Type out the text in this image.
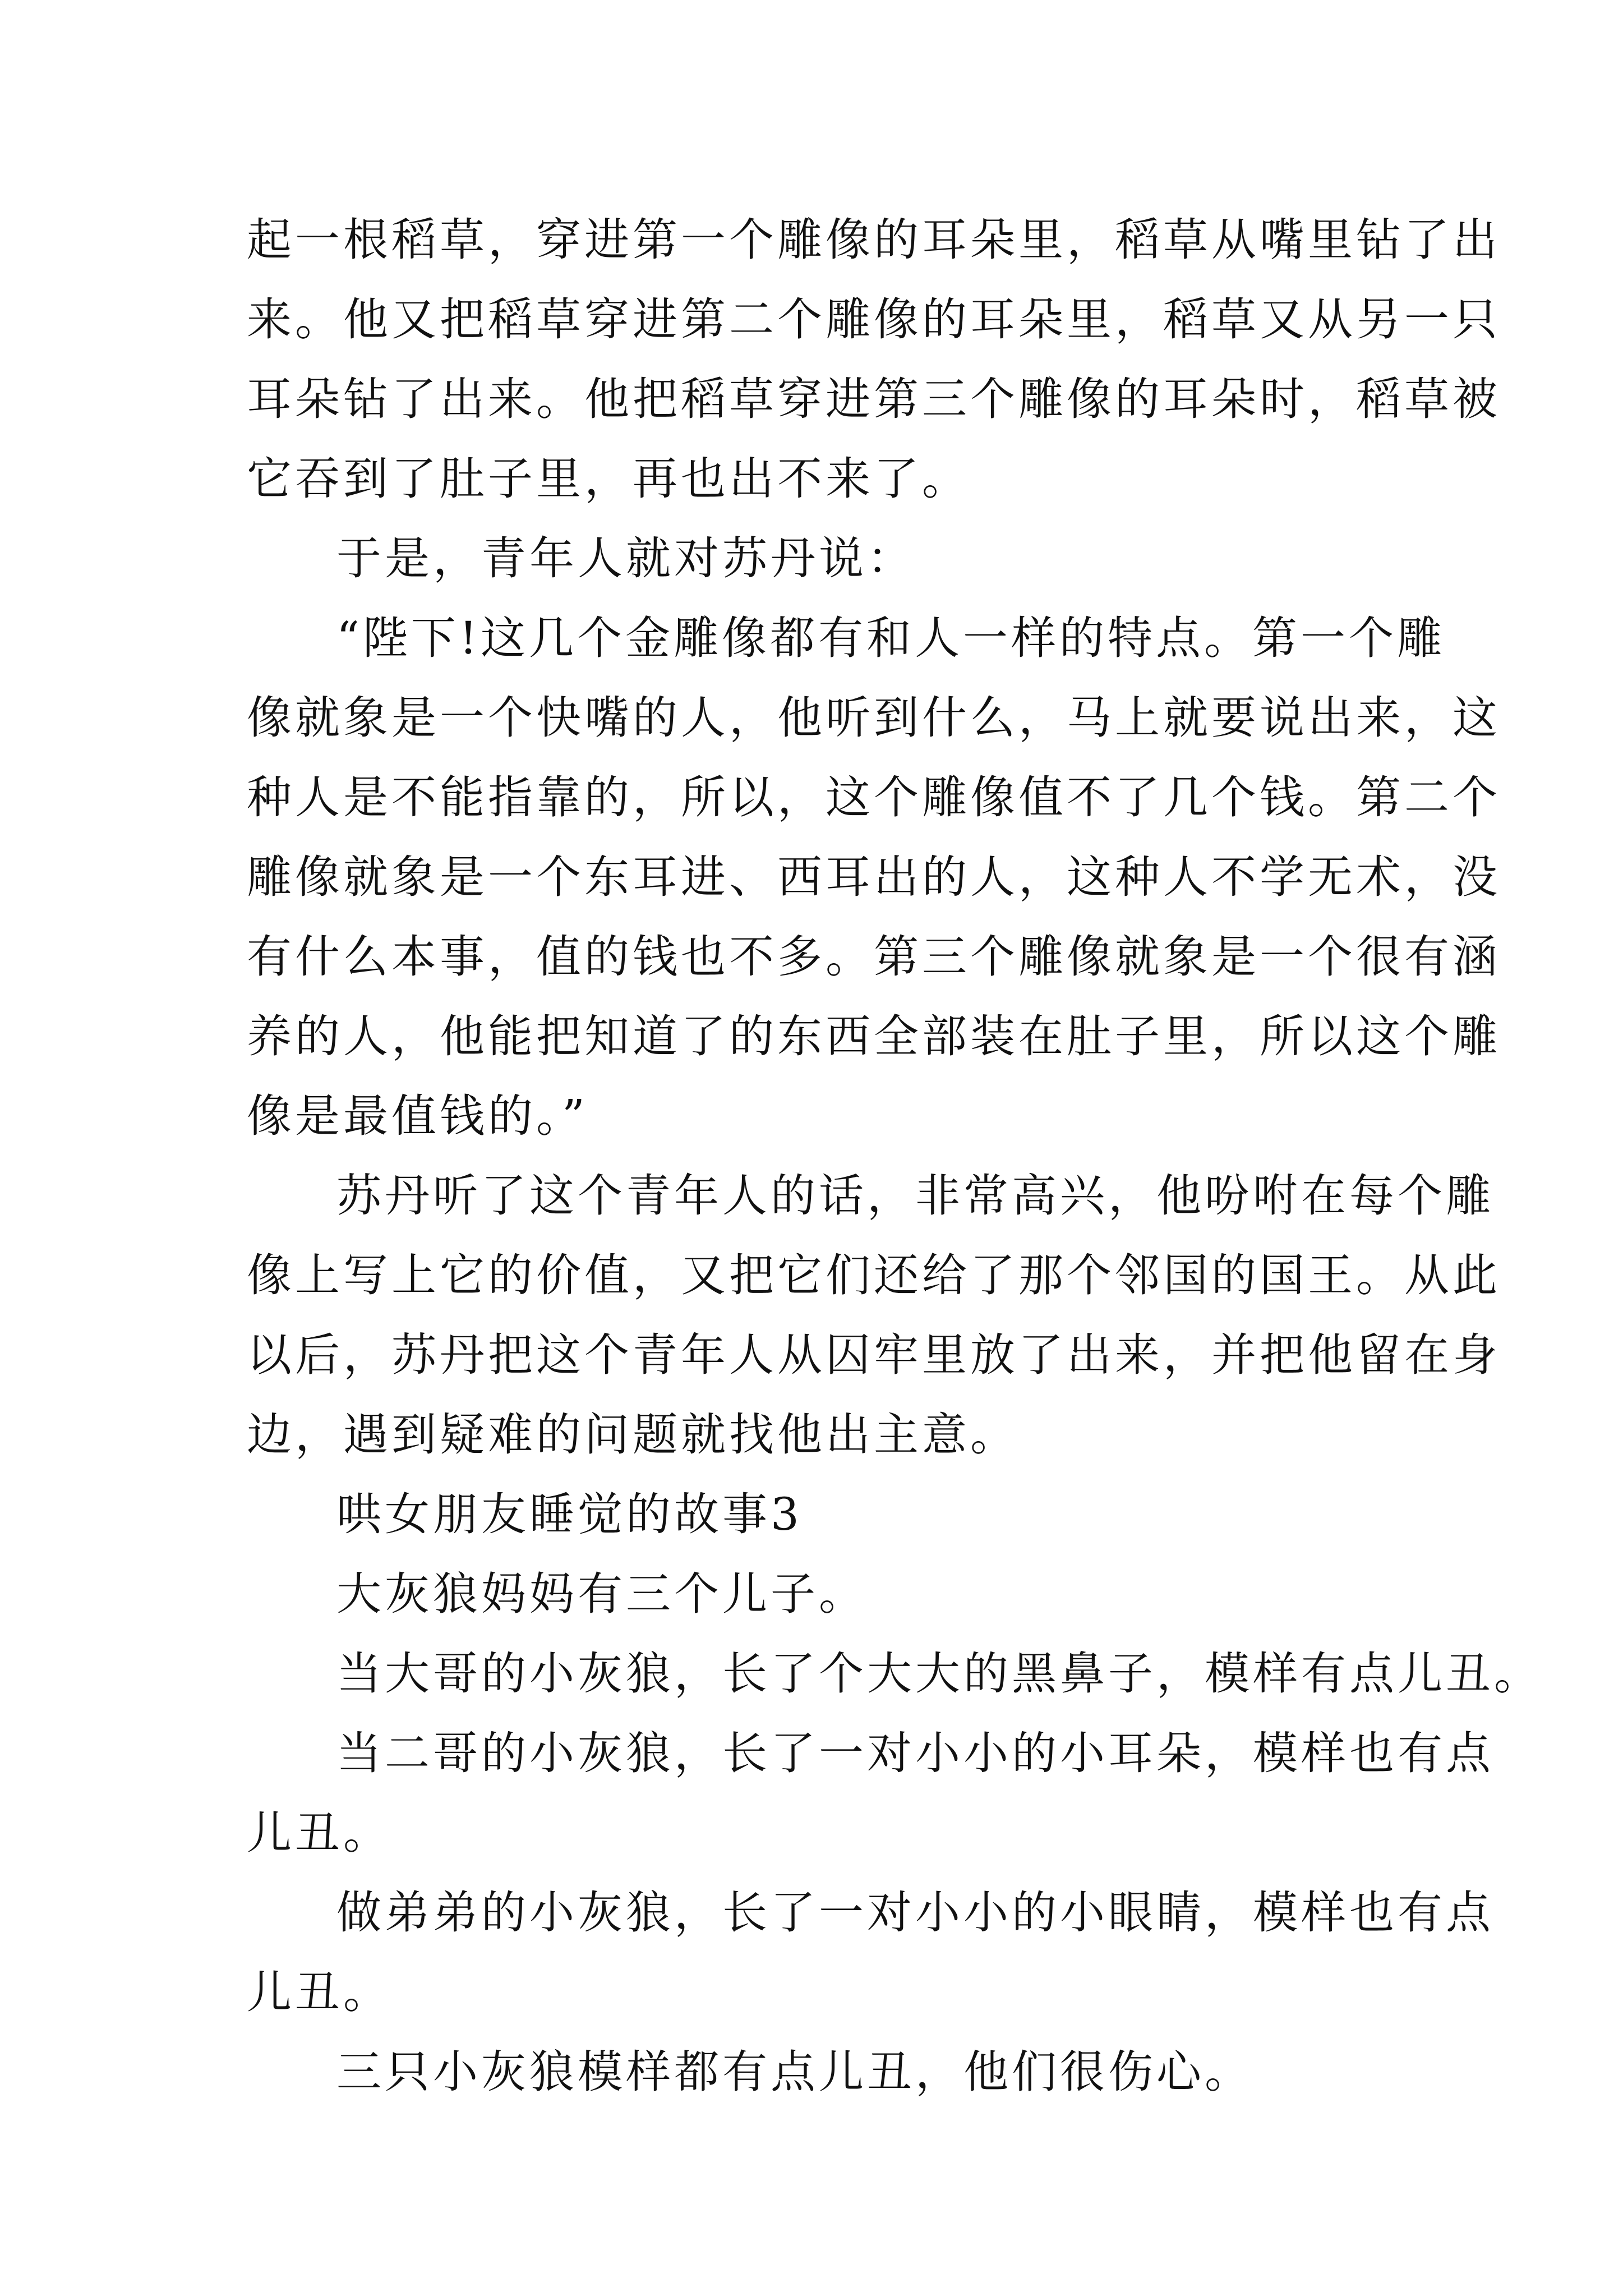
起一根稻草，穿进第一个雕像的耳朵里，稻草从嘴里钻了出
来。他又把稻草穿进第二个雕像的耳朵里，稻草又从另一只
耳朵钻了出来。他把稻草穿进第三个雕像的耳朵时，稻草被
它吞到了肚子里，再也出不来了。
于是，青年人就对苏丹说：
“陛下!这几个金雕像都有和人一样的特点。第一个雕
像就象是一个快嘴的人，他听到什么，马上就要说出来，这
种人是不能指靠的，所以，这个雕像值不了几个钱。第二个
雕像就象是一个东耳进、西耳出的人，这种人不学无术，没
有什么本事，值的钱也不多。第三个雕像就象是一个很有涵
养的人，他能把知道了的东西全部装在肚子里，所以这个雕
像是最值钱的。”
苏丹听了这个青年人的话，非常高兴，他吩咐在每个雕
像上写上它的价值，又把它们还给了那个邻国的国王。从此
以后，苏丹把这个青年人从囚牢里放了出来，并把他留在身
边，遇到疑难的问题就找他出主意。
哄女朋友睡觉的故事3
大灰狼妈妈有三个儿子。
当大哥的小灰狼，长了个大大的黑鼻子，模样有点儿丑。
当二哥的小灰狼，长了一对小小的小耳朵，模样也有点
儿丑。
做弟弟的小灰狼，长了一对小小的小眼睛，模样也有点
儿丑。
三只小灰狼模样都有点儿丑，他们很伤心。
